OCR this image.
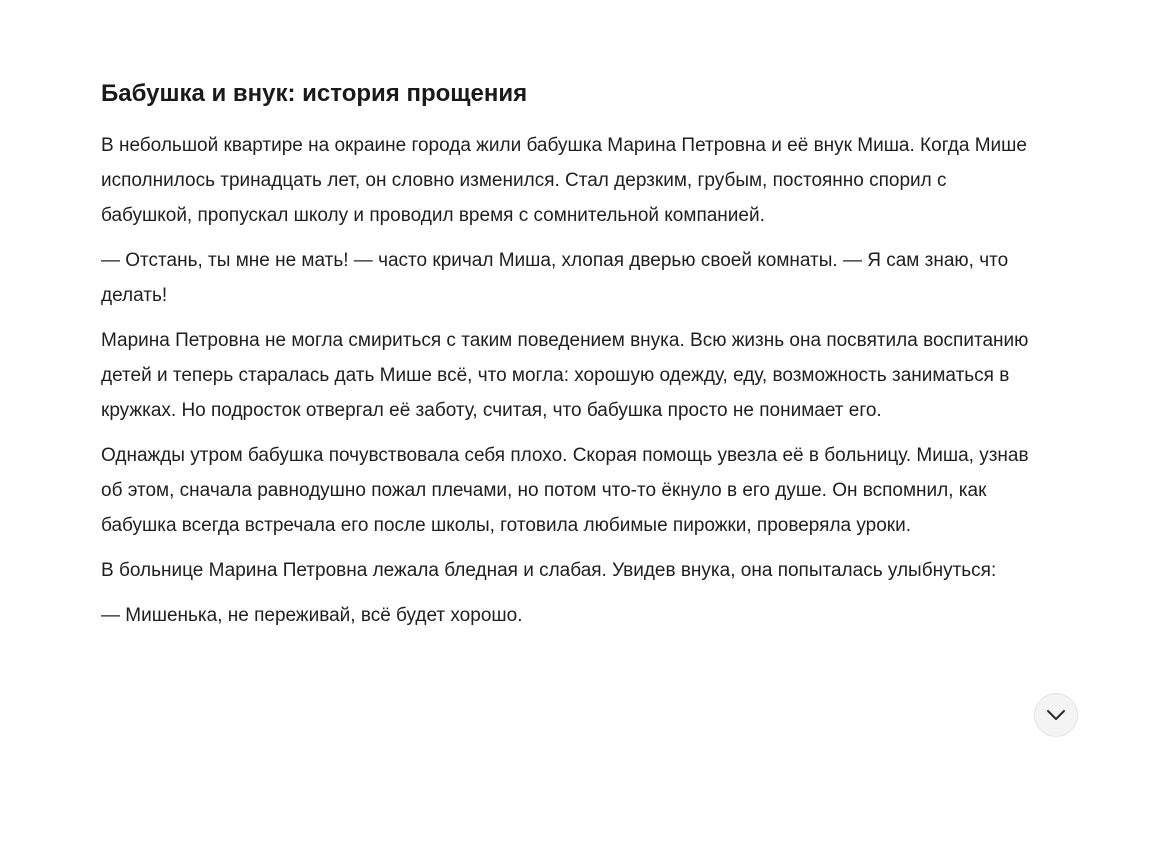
Бабушка и внук: история прощения

В небольшой квартире на окраине города жили бабушка Марина Петровна и её внук Миша. Когда Мише исполнилось тринадцать лет, он словно изменился. Стал дерзким, грубым, постоянно спорил с бабушкой, пропускал школу и проводил время с сомнительной компанией.

— Отстань, ты мне не мать! — часто кричал Миша, хлопая дверью своей комнаты. — Я сам знаю, что делать!

Марина Петровна не могла смириться с таким поведением внука. Всю жизнь она посвятила воспитанию детей и теперь старалась дать Мише всё, что могла: хорошую одежду, еду, возможность заниматься в кружках. Но подросток отвергал её заботу, считая, что бабушка просто не понимает его.

Однажды утром бабушка почувствовала себя плохо. Скорая помощь увезла её в больницу. Миша, узнав об этом, сначала равнодушно пожал плечами, но потом что-то ёкнуло в его душе. Он вспомнил, как бабушка всегда встречала его после школы, готовила любимые пирожки, проверяла уроки.

В больнице Марина Петровна лежала бледная и слабая. Увидев внука, она попыталась улыбнуться:

— Мишенька, не переживай, всё будет хорошо.
